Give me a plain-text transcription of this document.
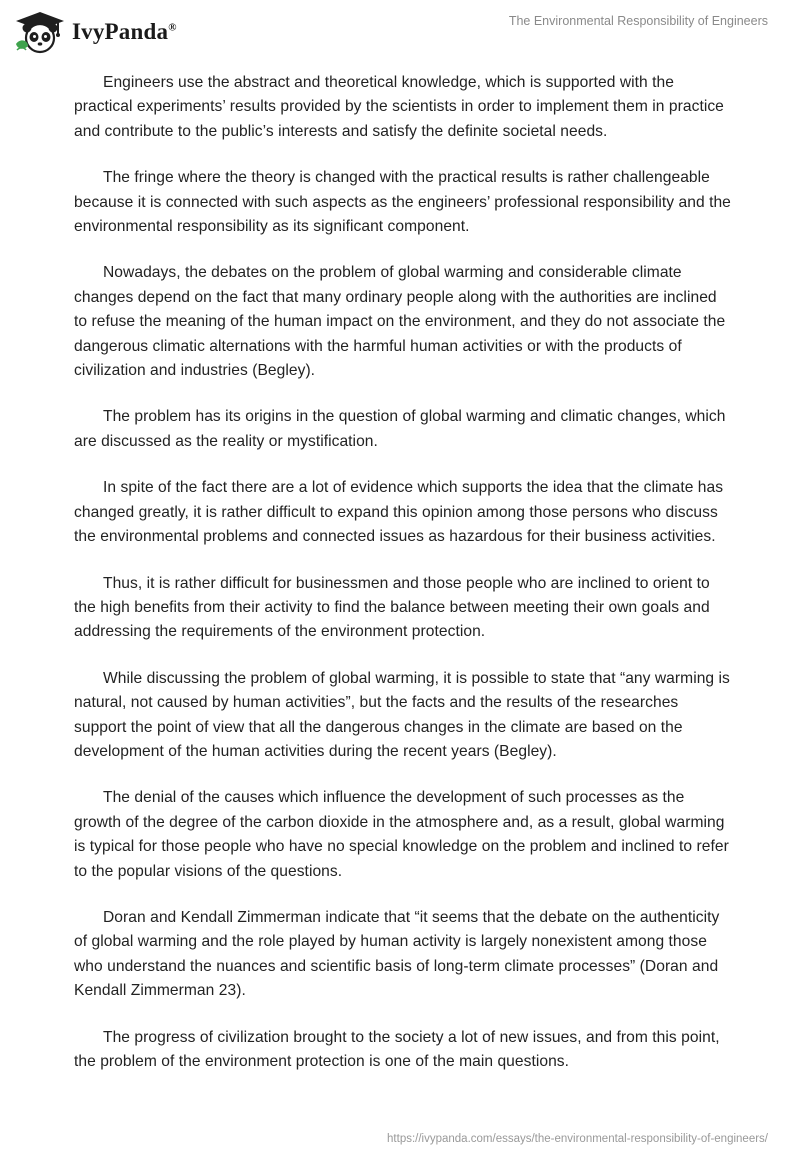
IvyPanda®	The Environmental Responsibility of Engineers

Engineers use the abstract and theoretical knowledge, which is supported with the practical experiments’ results provided by the scientists in order to implement them in practice and contribute to the public’s interests and satisfy the definite societal needs.

The fringe where the theory is changed with the practical results is rather challengeable because it is connected with such aspects as the engineers’ professional responsibility and the environmental responsibility as its significant component.

Nowadays, the debates on the problem of global warming and considerable climate changes depend on the fact that many ordinary people along with the authorities are inclined to refuse the meaning of the human impact on the environment, and they do not associate the dangerous climatic alternations with the harmful human activities or with the products of civilization and industries (Begley).

The problem has its origins in the question of global warming and climatic changes, which are discussed as the reality or mystification.

In spite of the fact there are a lot of evidence which supports the idea that the climate has changed greatly, it is rather difficult to expand this opinion among those persons who discuss the environmental problems and connected issues as hazardous for their business activities.

Thus, it is rather difficult for businessmen and those people who are inclined to orient to the high benefits from their activity to find the balance between meeting their own goals and addressing the requirements of the environment protection.

While discussing the problem of global warming, it is possible to state that “any warming is natural, not caused by human activities”, but the facts and the results of the researches support the point of view that all the dangerous changes in the climate are based on the development of the human activities during the recent years (Begley).

The denial of the causes which influence the development of such processes as the growth of the degree of the carbon dioxide in the atmosphere and, as a result, global warming is typical for those people who have no special knowledge on the problem and inclined to refer to the popular visions of the questions.

Doran and Kendall Zimmerman indicate that “it seems that the debate on the authenticity of global warming and the role played by human activity is largely nonexistent among those who understand the nuances and scientific basis of long-term climate processes” (Doran and Kendall Zimmerman 23).

The progress of civilization brought to the society a lot of new issues, and from this point, the problem of the environment protection is one of the main questions.

https://ivypanda.com/essays/the-environmental-responsibility-of-engineers/
